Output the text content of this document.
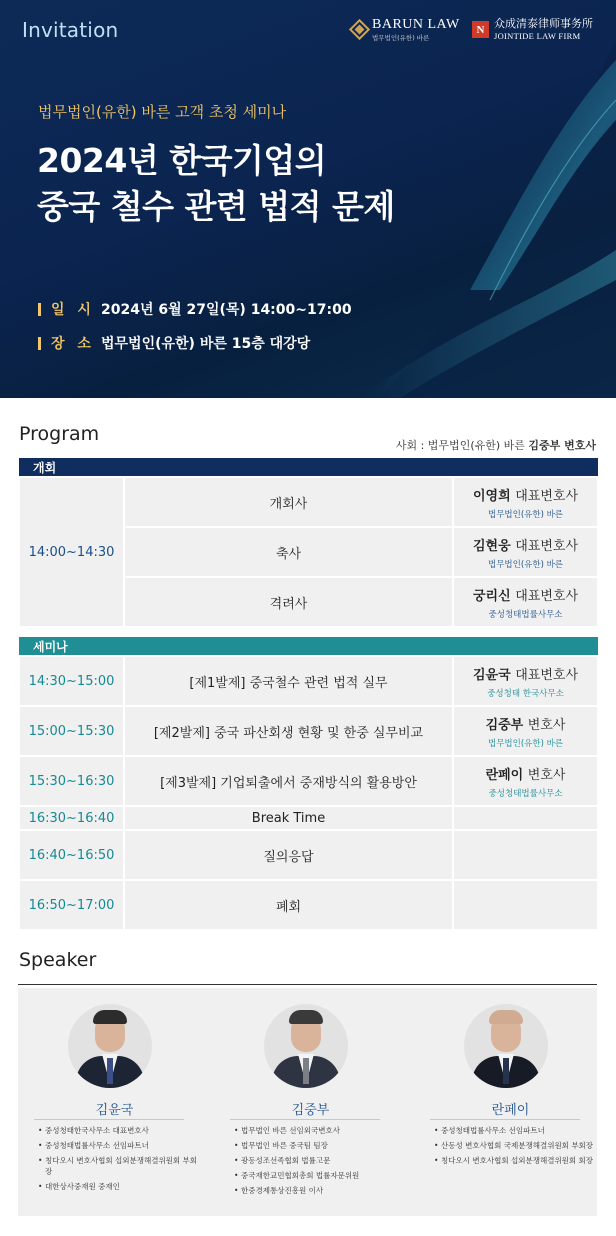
Invitation	BARUN LAW
법무법인(유한) 바른
N 众成清泰律师事务所
JOINTIDE LAW FIRM
법무법인(유한) 바른 고객 초청 세미나
2024년 한국기업의
중국 철수 관련 법적 문제
일 시 2024년 6월 27일(목) 14:00~17:00
장 소 법무법인(유한) 바른 15층 대강당
Program
사회 : 법무법인(유한) 바른 김중부 변호사
개회		
14:00~14:30	개회사	이영희 대표변호사
법무법인(유한) 바른

	축사	김현웅 대표변호사
법무법인(유한) 바른

	격려사	궁리신 대표변호사
중성청태법률사무소
세미나		
14:30~15:00	[제1발제] 중국철수 관련 법적 실무	김윤국 대표변호사
중성청태 한국사무소

15:00~15:30	[제2발제] 중국 파산회생 현황 및 한중 실무비교	김중부 변호사
법무법인(유한) 바른

15:30~16:30	[제3발제] 기업퇴출에서 중재방식의 활용방안	란페이 변호사
중성청태법률사무소

16:30~16:40	Break Time	
16:40~16:50	질의응답	
16:50~17:00	폐회	
Speaker
김윤국
• 중성청태한국사무소 대표변호사
• 중성청태법률사무소 선임파트너
• 칭다오시 변호사협회 섭외분쟁해결위원회 부회장
• 대한상사중재원 중재인
김중부
• 법무법인 바른 선임외국변호사
• 법무법인 바른 중국팀 팀장
• 광동성조선족협회 법률고문
• 중국재한교민협회총회 법률자문위원
• 한중경제통상진흥원 이사
란페이
• 중성청태법률사무소 선임파트너
• 산동성 변호사협회 국제분쟁해결위원회 부회장
• 칭다오시 변호사협회 섭외분쟁해결위원회 회장
